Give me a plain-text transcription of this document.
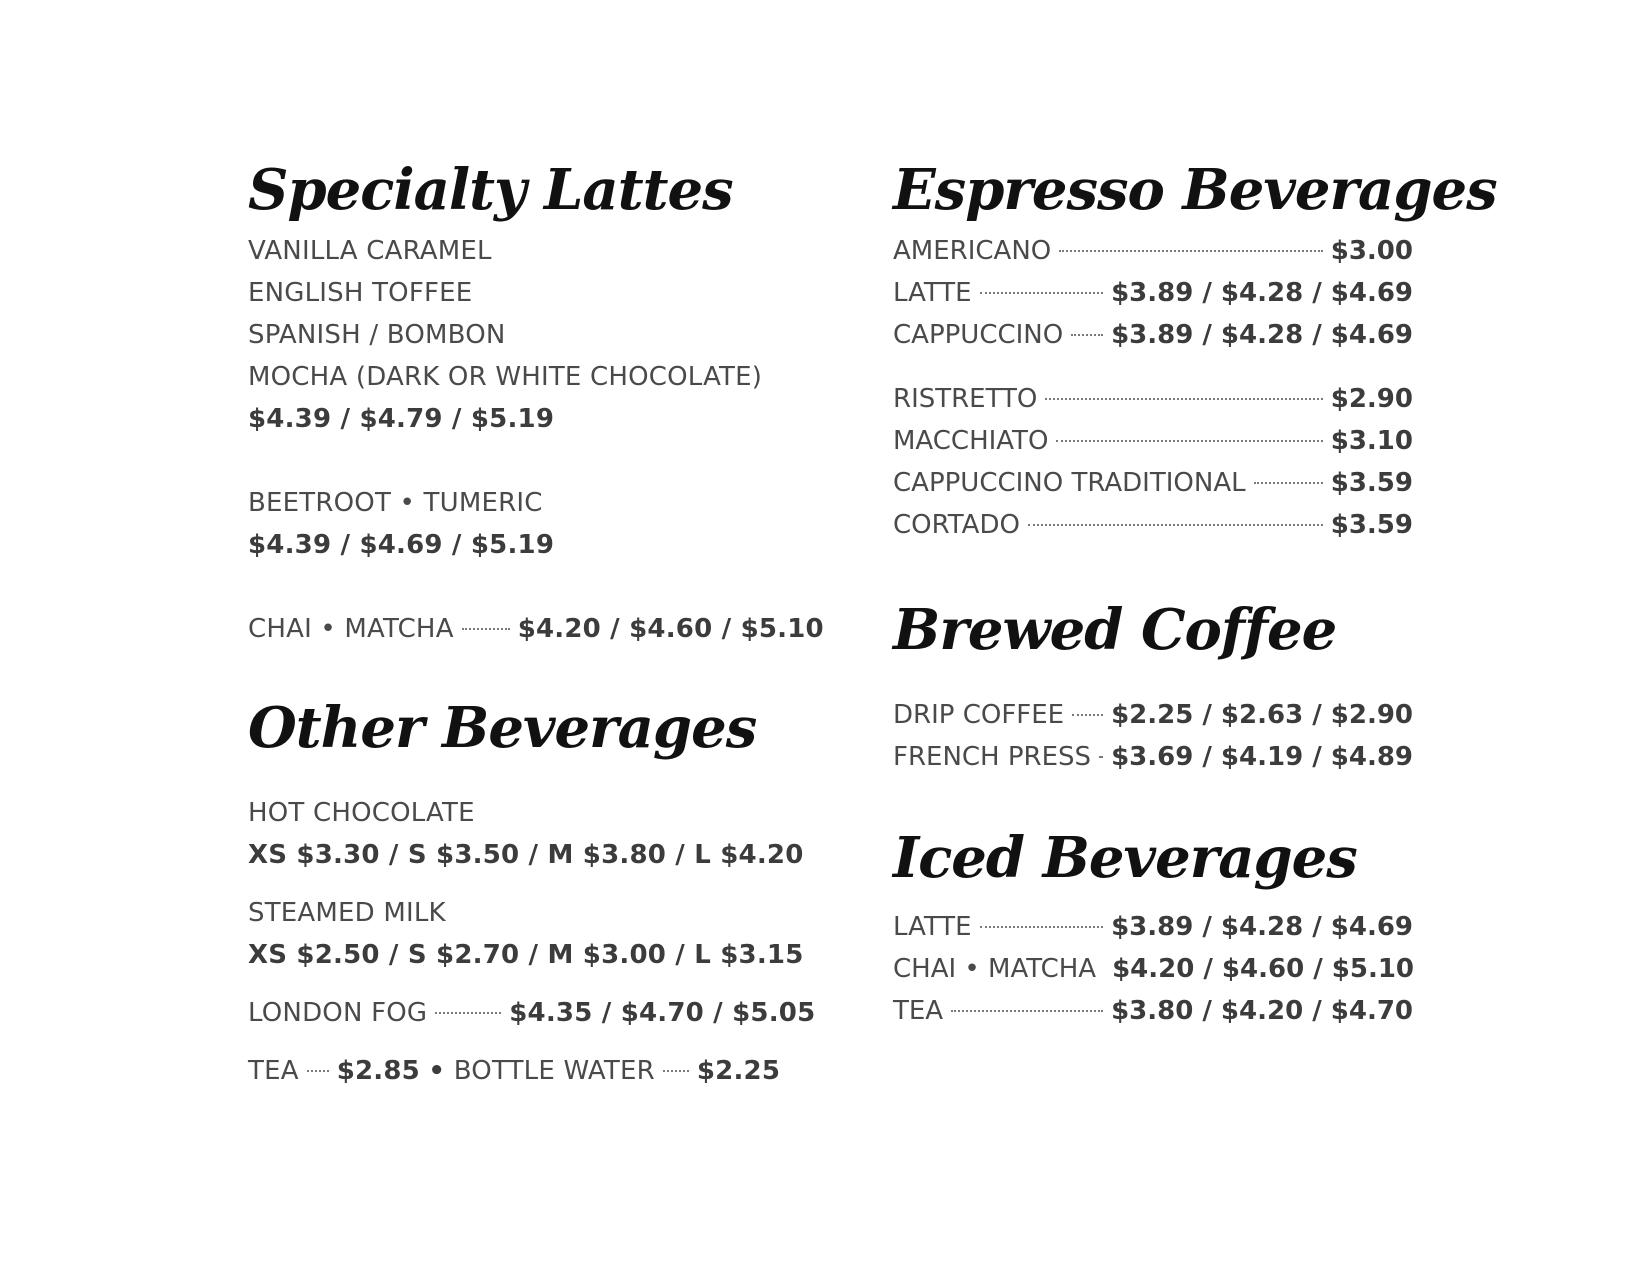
Specialty Lattes
VANILLA CARAMEL
ENGLISH TOFFEE
SPANISH / BOMBON
MOCHA (DARK OR WHITE CHOCOLATE)
$4.39 / $4.79 / $5.19
BEETROOT • TUMERIC
$4.39 / $4.69 / $5.19
CHAI • MATCHA $4.20 / $4.60 / $5.10
Other Beverages
HOT CHOCOLATE
XS $3.30 / S $3.50 / M $3.80 / L $4.20
STEAMED MILK
XS $2.50 / S $2.70 / M $3.00 / L $3.15
LONDON FOG	$4.35 / $4.70 / $5.05
TEA $2.85 • BOTTLE WATER $2.25
Espresso Beverages
AMERICANO	$3.00
LATTE	$3.89 / $4.28 / $4.69
CAPPUCCINO $3.89 / $4.28 / $4.69
RISTRETTO	$2.90
MACCHIATO	$3.10
CAPPUCCINO TRADITIONAL	$3.59
CORTADO	$3.59
Brewed Coffee
DRIP COFFEE $2.25 / $2.63 / $2.90
FRENCH PRESS $3.69 / $4.19 / $4.89
Iced Beverages
LATTE	$3.89 / $4.28 / $4.69
CHAI • MATCHA $4.20 / $4.60 / $5.10
TEA	$3.80 / $4.20 / $4.70
